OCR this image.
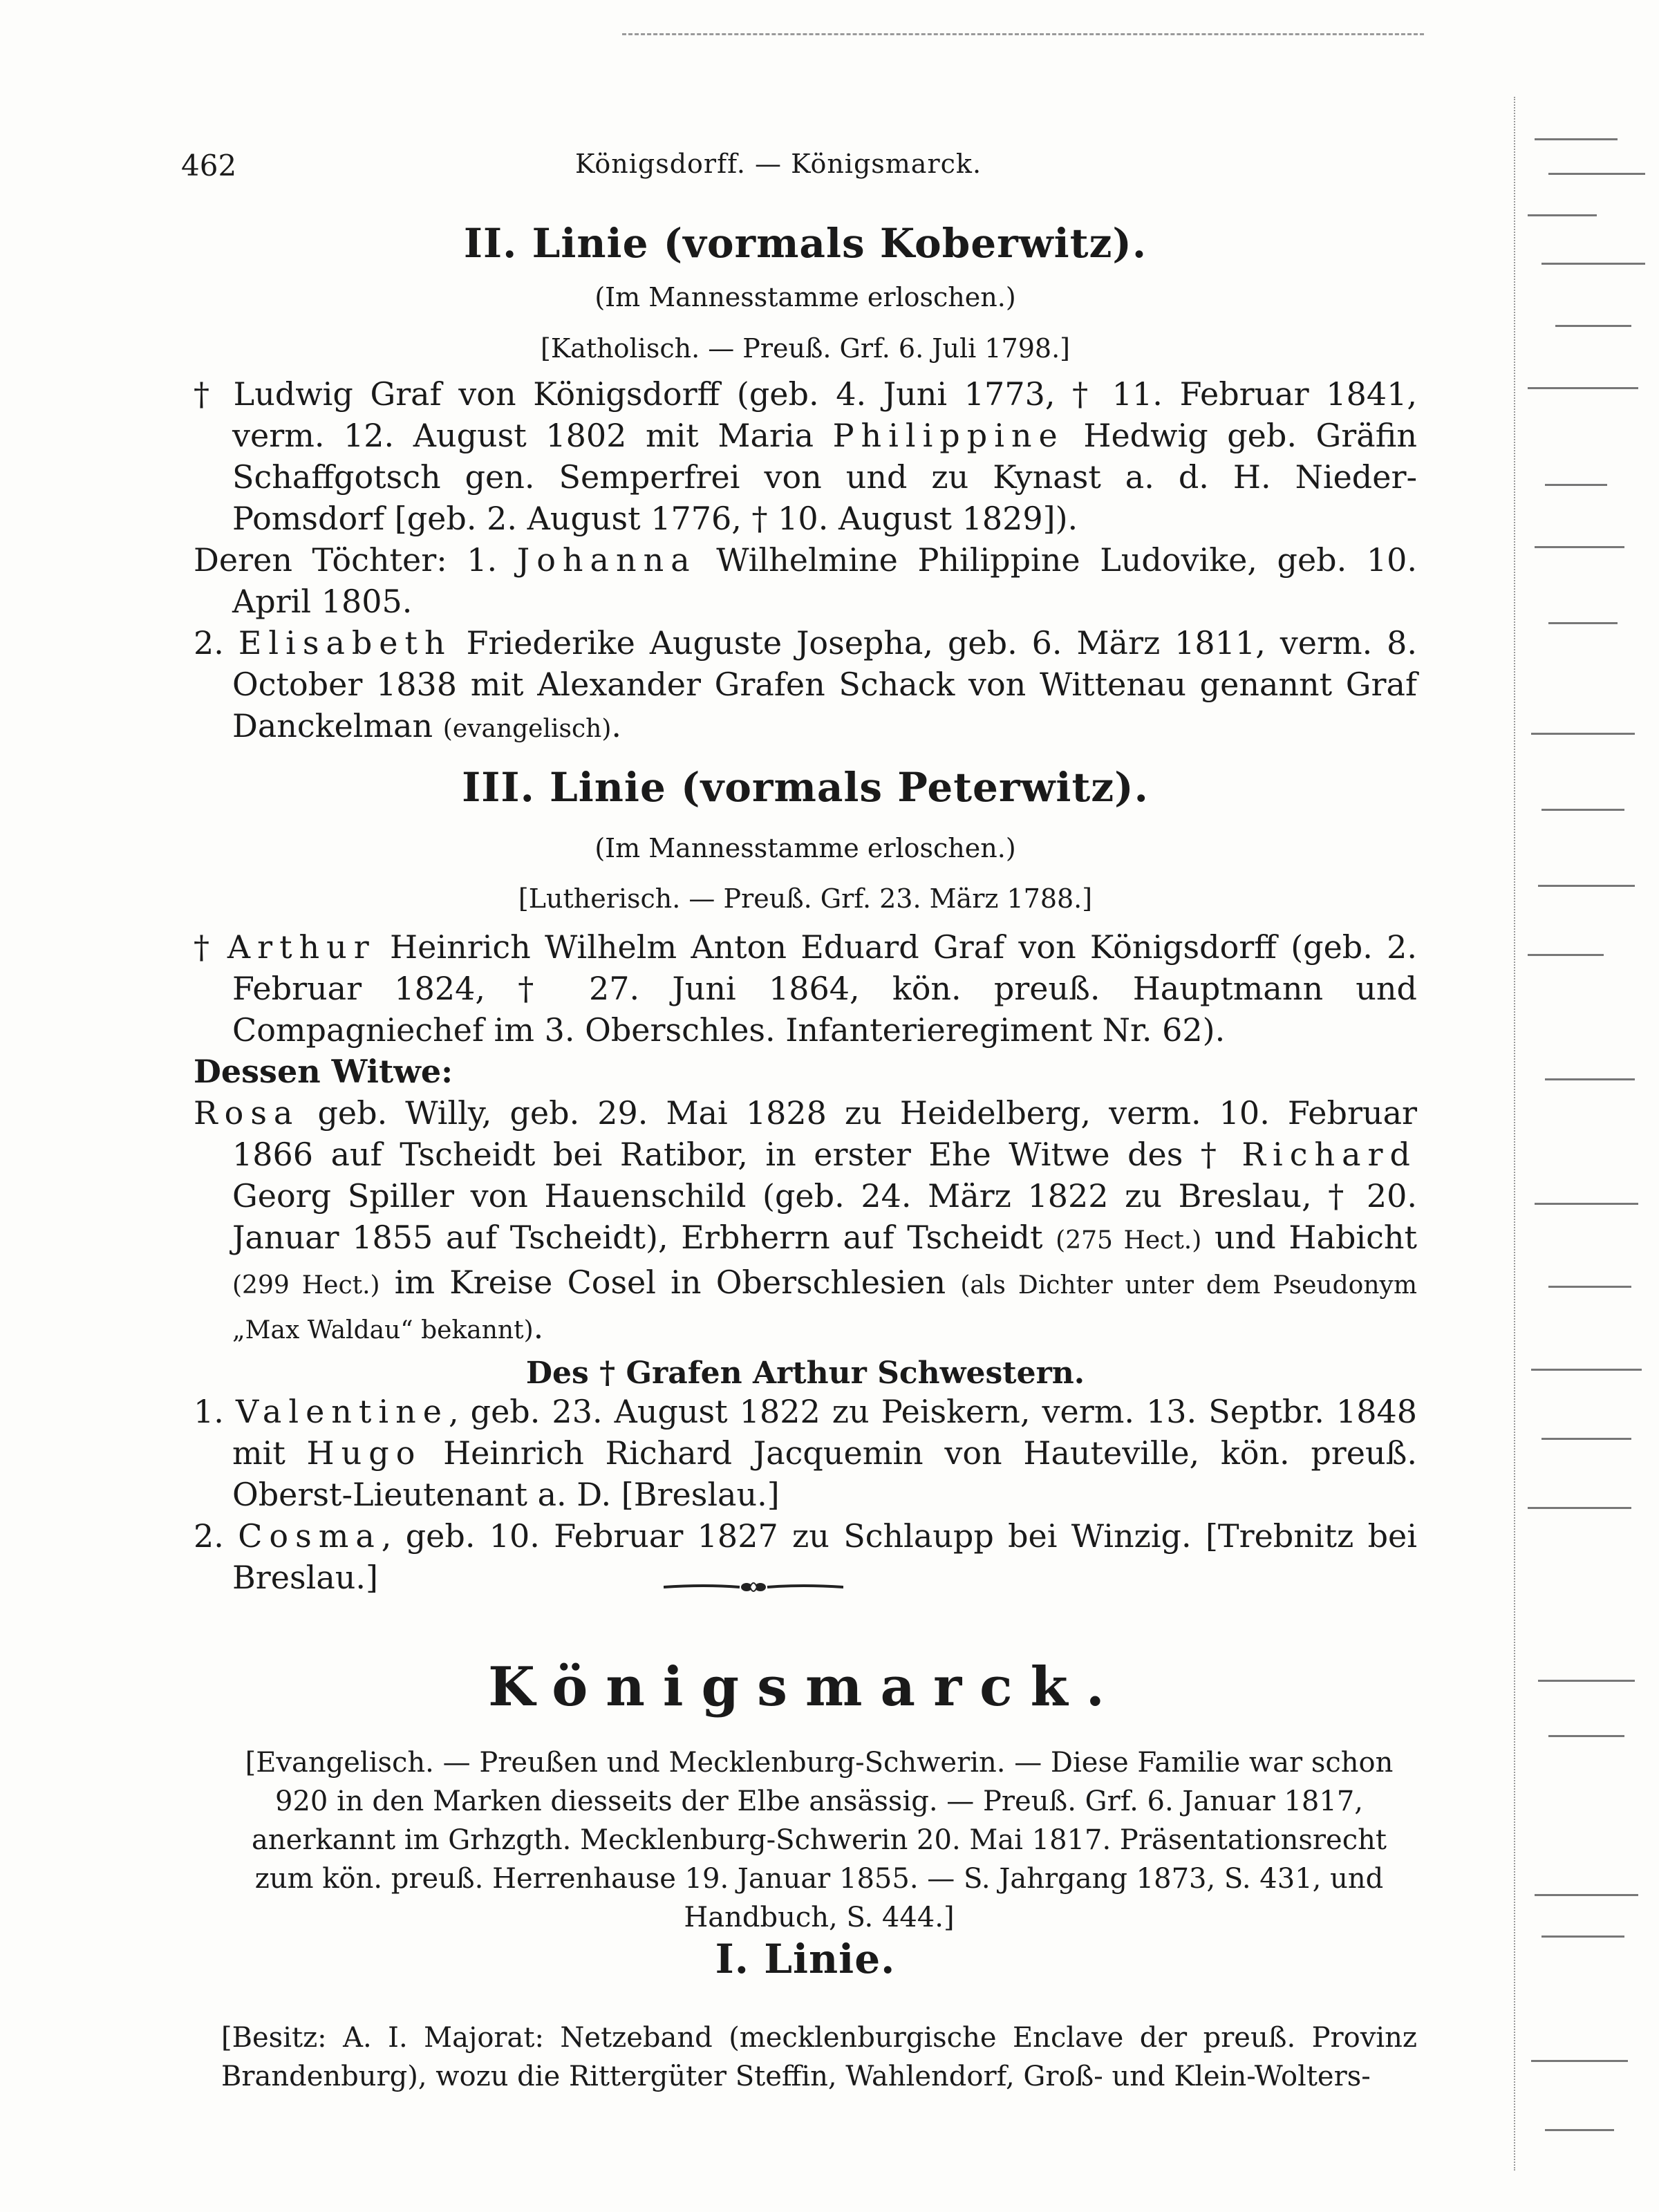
462	Königsdorff. — Königsmarck.
II. Linie (vormals Koberwitz).
(Im Mannesstamme erloschen.)
[Katholisch. — Preuß. Grf. 6. Juli 1798.]
† Ludwig Graf von Königsdorff (geb. 4. Juni 1773, † 11. Februar 1841, verm. 12. August 1802 mit Maria Philippine Hedwig geb. Gräfin Schaffgotsch gen. Semperfrei von und zu Kynast a. d. H. Nieder-Pomsdorf [geb. 2. August 1776, † 10. August 1829]).
Deren Töchter: 1. Johanna Wilhelmine Philippine Ludovike, geb. 10. April 1805.
2. Elisabeth Friederike Auguste Josepha, geb. 6. März 1811, verm. 8. October 1838 mit Alexander Grafen Schack von Wittenau genannt Graf Danckelman (evangelisch).
III. Linie (vormals Peterwitz).
(Im Mannesstamme erloschen.)
[Lutherisch. — Preuß. Grf. 23. März 1788.]
† Arthur Heinrich Wilhelm Anton Eduard Graf von Königsdorff (geb. 2. Februar 1824, † 27. Juni 1864, kön. preuß. Hauptmann und Compagniechef im 3. Oberschles. Infanterieregiment Nr. 62).
Dessen Witwe:
Rosa geb. Willy, geb. 29. Mai 1828 zu Heidelberg, verm. 10. Februar 1866 auf Tscheidt bei Ratibor, in erster Ehe Witwe des † Richard Georg Spiller von Hauenschild (geb. 24. März 1822 zu Breslau, † 20. Januar 1855 auf Tscheidt), Erbherrn auf Tscheidt (275 Hect.) und Habicht (299 Hect.) im Kreise Cosel in Oberschlesien (als Dichter unter dem Pseudonym „Max Waldau“ bekannt).
Des † Grafen Arthur Schwestern.
1. Valentine, geb. 23. August 1822 zu Peiskern, verm. 13. Septbr. 1848 mit Hugo Heinrich Richard Jacquemin von Hauteville, kön. preuß. Oberst-Lieutenant a. D. [Breslau.]
2. Cosma, geb. 10. Februar 1827 zu Schlaupp bei Winzig. [Trebnitz bei Breslau.]
Königsmarck.
[Evangelisch. — Preußen und Mecklenburg-Schwerin. — Diese Familie war schon 920 in den Marken diesseits der Elbe ansässig. — Preuß. Grf. 6. Januar 1817, anerkannt im Grhzgth. Mecklenburg-Schwerin 20. Mai 1817. Präsentationsrecht zum kön. preuß. Herrenhause 19. Januar 1855. — S. Jahrgang 1873, S. 431, und Handbuch, S. 444.]
I. Linie.
[Besitz: A. I. Majorat: Netzeband (mecklenburgische Enclave der preuß. Provinz Brandenburg), wozu die Rittergüter Steffin, Wahlendorf, Groß- und Klein-Wolters-
